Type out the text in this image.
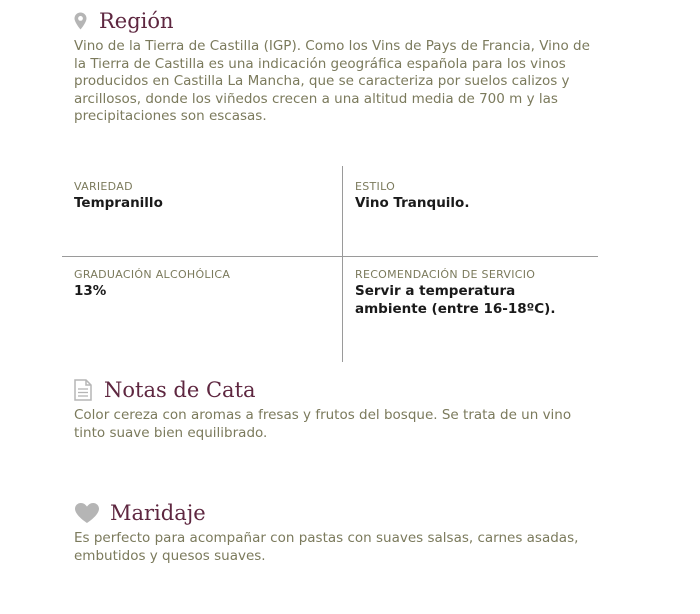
Región

Vino de la Tierra de Castilla (IGP). Como los Vins de Pays de Francia, Vino de la Tierra de Castilla es una indicación geográfica española para los vinos producidos en Castilla La Mancha, que se caracteriza por suelos calizos y arcillosos, donde los viñedos crecen a una altitud media de 700 m y las precipitaciones son escasas.

VARIEDAD
Tempranillo
ESTILO
Vino Tranquilo.
GRADUACIÓN ALCOHÓLICA
13%
RECOMENDACIÓN DE SERVICIO
Servir a temperatura ambiente (entre 16-18ºC).
Notas de Cata

Color cereza con aromas a fresas y frutos del bosque. Se trata de un vino tinto suave bien equilibrado.

Maridaje

Es perfecto para acompañar con pastas con suaves salsas, carnes asadas, embutidos y quesos suaves.
